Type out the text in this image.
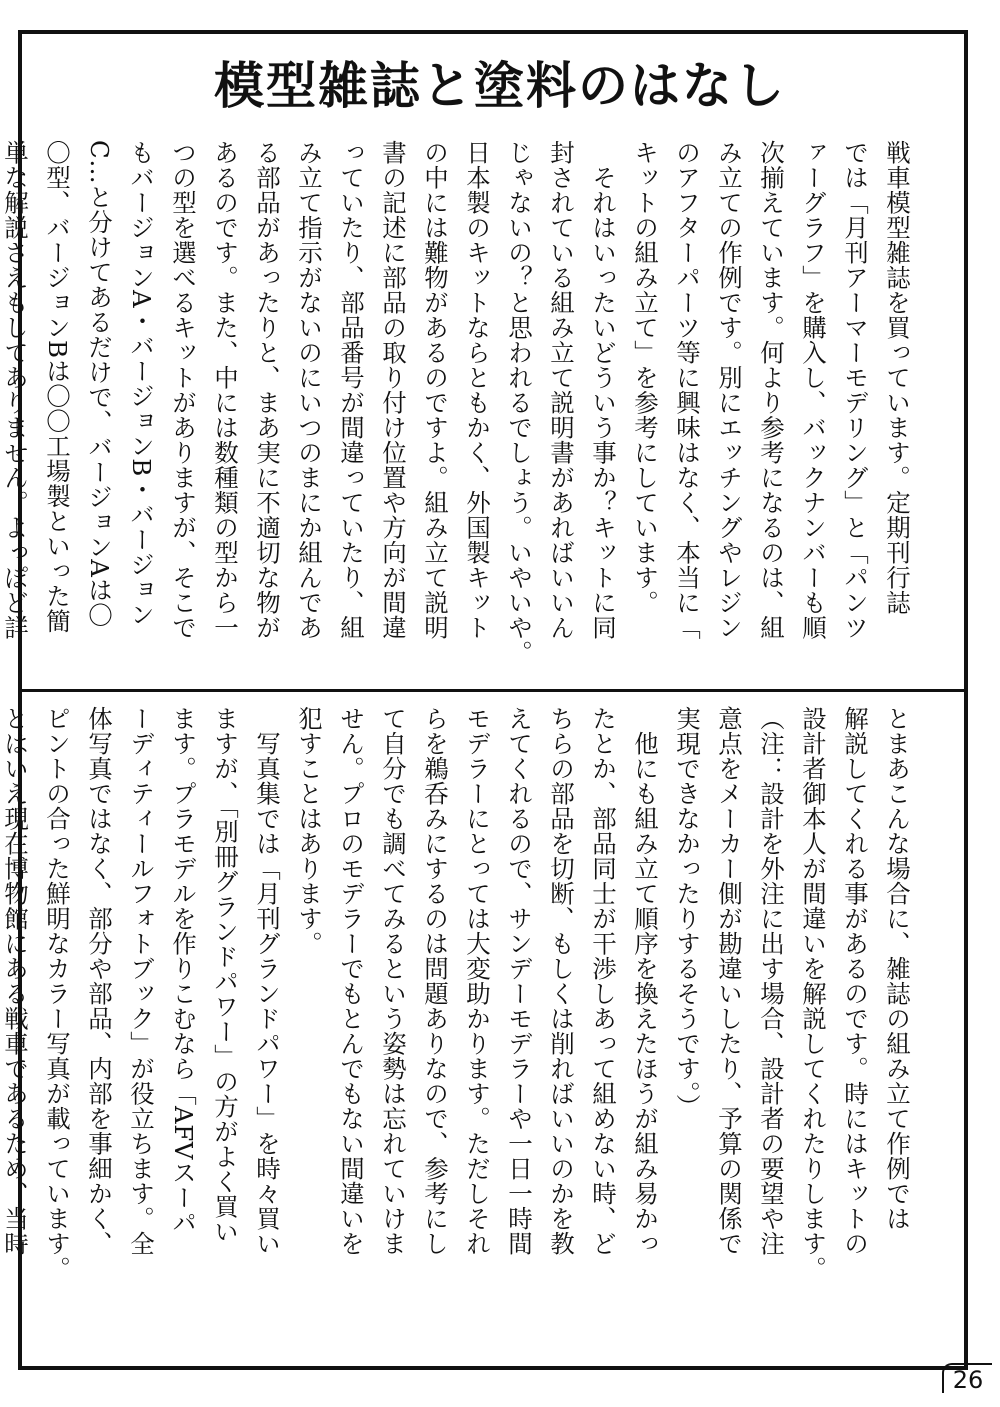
模型雑誌と塗料のはなし
戦車模型雑誌を買っています。定期刊行誌
では「月刊アーマーモデリング」と「パンツ
ァーグラフ」を購入し、バックナンバーも順
次揃えています。何より参考になるのは、組
み立ての作例です。別にエッチングやレジン
のアフターパーツ等に興味はなく、本当に「
キットの組み立て」を参考にしています。
　それはいったいどういう事か？キットに同
封されている組み立て説明書があればいいん
じゃないの？と思われるでしょう。いやいや。
日本製のキットならともかく、外国製キット
の中には難物があるのですよ。組み立て説明
書の記述に部品の取り付け位置や方向が間違
っていたり、部品番号が間違っていたり、組
み立て指示がないのにいつのまにか組んであ
る部品があったりと、まあ実に不適切な物が
あるのです。また、中には数種類の型から一
つの型を選べるキットがありますが、そこで
もバージョンA・バージョンB・バージョン
C…と分けてあるだけで、バージョンAは〇
〇型、バージョンBは〇〇工場製といった簡
単な解説さえもしてありません。よっぽど詳
とまあこんな場合に、雑誌の組み立て作例では
解説してくれる事があるのです。時にはキットの
設計者御本人が間違いを解説してくれたりします。
（注：設計を外注に出す場合、設計者の要望や注
意点をメーカー側が勘違いしたり、予算の関係で
実現できなかったりするそうです。）
　他にも組み立て順序を換えたほうが組み易かっ
たとか、部品同士が干渉しあって組めない時、ど
ちらの部品を切断、もしくは削ればいいのかを教
えてくれるので、サンデーモデラーや一日一時間
モデラーにとっては大変助かります。ただしそれ
らを鵜呑みにするのは問題ありなので、参考にし
て自分でも調べてみるという姿勢は忘れていけま
せん。プロのモデラーでもとんでもない間違いを
犯すことはあります。
　写真集では「月刊グランドパワー」を時々買い
ますが、「別冊グランドパワー」の方がよく買い
ます。プラモデルを作りこむなら「AFVスーパ
ーディティールフォトブック」が役立ちます。全
体写真ではなく、部分や部品、内部を事細かく、
ピントの合った鮮明なカラー写真が載っています。
とはいえ現在博物館にある戦車であるため、当時
26
